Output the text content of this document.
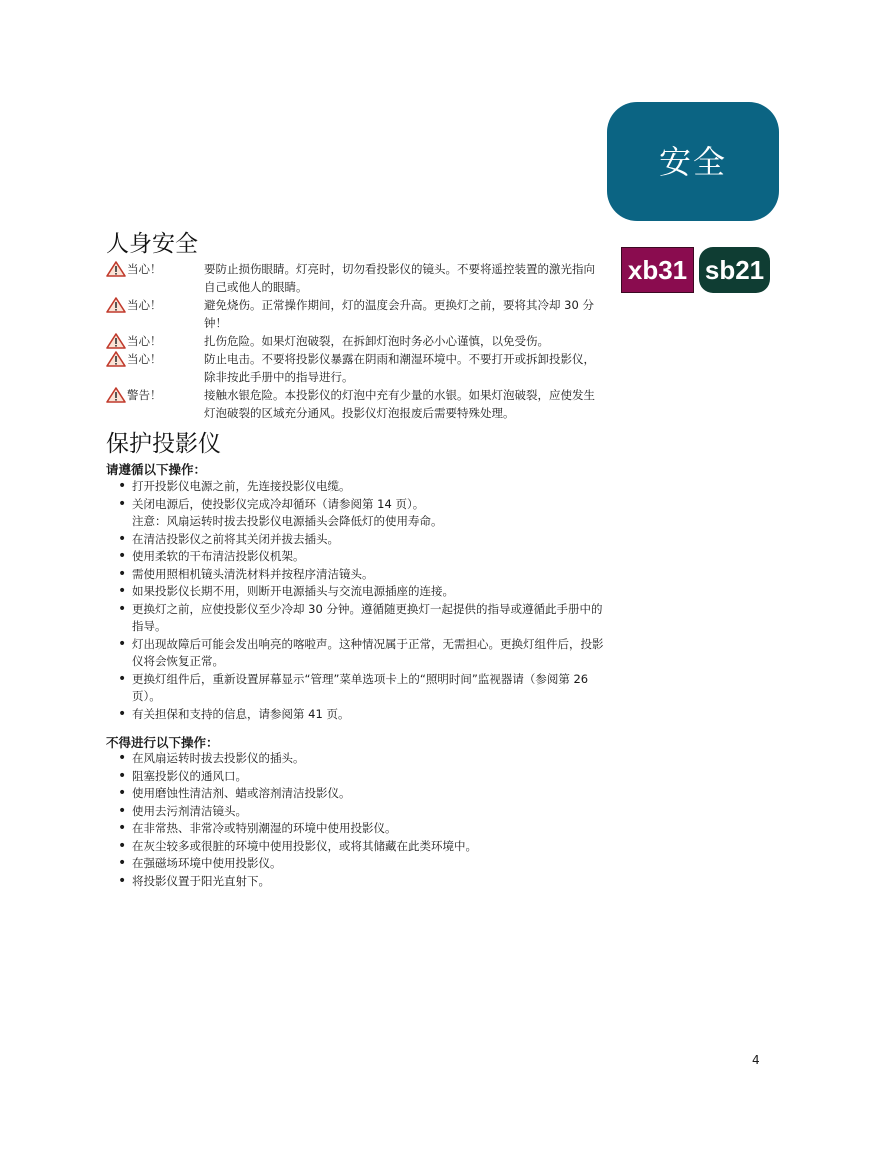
安全
xb31 sb21
人身安全
当心！	要防止损伤眼睛。灯亮时，切勿看投影仪的镜头。不要将遥控装置的激光指向自己或他人的眼睛。
当心！	避免烧伤。正常操作期间，灯的温度会升高。更换灯之前，要将其冷却 30 分钟！
当心！	扎伤危险。如果灯泡破裂，在拆卸灯泡时务必小心谨慎，以免受伤。
当心！	防止电击。不要将投影仪暴露在阴雨和潮湿环境中。不要打开或拆卸投影仪，除非按此手册中的指导进行。
警告！	接触水银危险。本投影仪的灯泡中充有少量的水银。如果灯泡破裂，应使发生灯泡破裂的区域充分通风。投影仪灯泡报废后需要特殊处理。
保护投影仪

请遵循以下操作：

• 打开投影仪电源之前，先连接投影仪电缆。
• 关闭电源后，使投影仪完成冷却循环（请参阅第 14 页）。
注意：风扇运转时拔去投影仪电源插头会降低灯的使用寿命。
• 在清洁投影仪之前将其关闭并拔去插头。
• 使用柔软的干布清洁投影仪机架。
• 需使用照相机镜头清洗材料并按程序清洁镜头。
• 如果投影仪长期不用，则断开电源插头与交流电源插座的连接。
• 更换灯之前，应使投影仪至少冷却 30 分钟。遵循随更换灯一起提供的指导或遵循此手册中的指导。
• 灯出现故障后可能会发出响亮的喀啦声。这种情况属于正常，无需担心。更换灯组件后，投影仪将会恢复正常。
• 更换灯组件后，重新设置屏幕显示“管理”菜单选项卡上的“照明时间”监视器请（参阅第 26 页）。
• 有关担保和支持的信息，请参阅第 41 页。

不得进行以下操作：

• 在风扇运转时拔去投影仪的插头。
• 阻塞投影仪的通风口。
• 使用磨蚀性清洁剂、蜡或溶剂清洁投影仪。
• 使用去污剂清洁镜头。
• 在非常热、非常冷或特别潮湿的环境中使用投影仪。
• 在灰尘较多或很脏的环境中使用投影仪，或将其储藏在此类环境中。
• 在强磁场环境中使用投影仪。
• 将投影仪置于阳光直射下。
4
